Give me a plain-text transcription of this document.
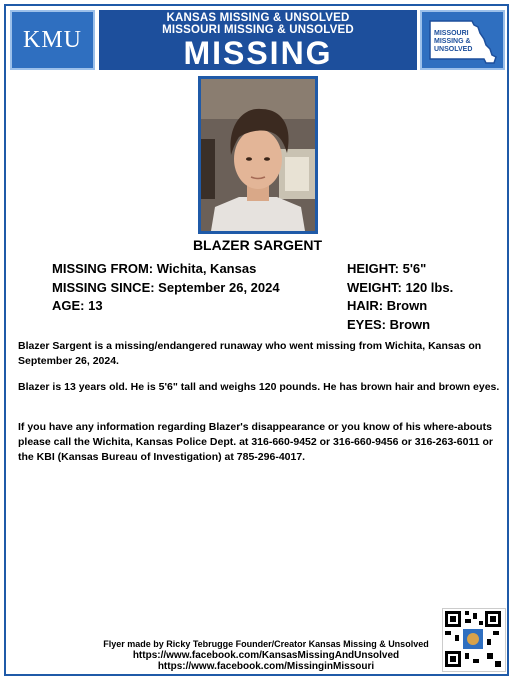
KMU
KANSAS MISSING & UNSOLVED
MISSOURI MISSING & UNSOLVED
MISSING
MISSOURI
MISSING &
UNSOLVED
BLAZER SARGENT
MISSING FROM: Wichita, Kansas
MISSING SINCE: September 26, 2024
AGE: 13
HEIGHT: 5'6"
WEIGHT: 120 lbs.
HAIR: Brown
EYES: Brown
Blazer Sargent is a missing/endangered runaway who went missing from Wichita, Kansas on September 26, 2024.
Blazer is 13 years old. He is 5'6" tall and weighs 120 pounds. He has brown hair and brown eyes.
If you have any information regarding Blazer's disappearance or you know of his where-abouts please call the Wichita, Kansas Police Dept. at 316-660-9452 or 316-660-9456 or 316-263-6011 or the KBI (Kansas Bureau of Investigation) at 785-296-4017.
Flyer made by Ricky Tebrugge Founder/Creator Kansas Missing & Unsolved
https://www.facebook.com/KansasMissingAndUnsolved
https://www.facebook.com/MissinginMissouri
